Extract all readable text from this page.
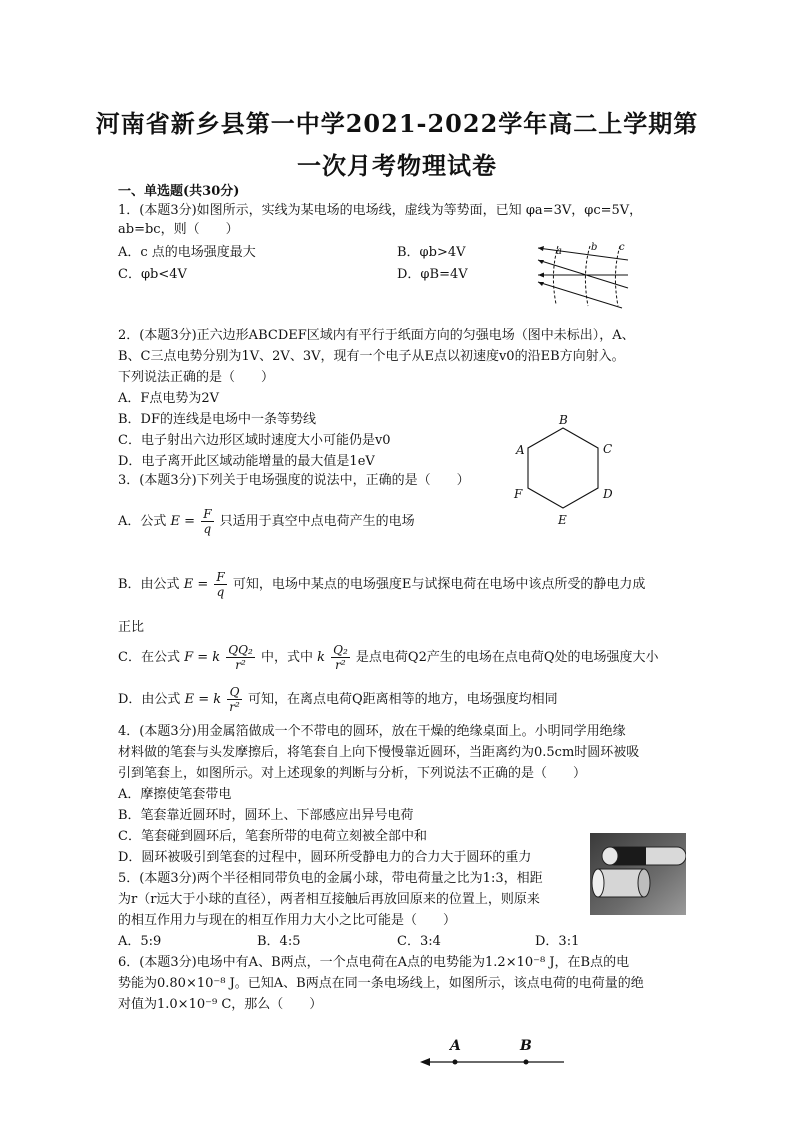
河南省新乡县第一中学2021-2022学年高二上学期第
一次月考物理试卷
一、单选题(共30分)
1．(本题3分)如图所示，实线为某电场的电场线，虚线为等势面，已知 φa=3V，φc=5V，
ab=bc，则（　　）
A．c 点的电场强度最大	B．φb>4V
C．φb<4V	D．φB=4V
a	b c
2．(本题3分)正六边形ABCDEF区域内有平行于纸面方向的匀强电场（图中未标出），A、
B、C三点电势分别为1V、2V、3V，现有一个电子从E点以初速度v0的沿EB方向射入。
下列说法正确的是（　　）
A．F点电势为2V
B．DF的连线是电场中一条等势线
C．电子射出六边形区域时速度大小可能仍是v0
D．电子离开此区域动能增量的最大值是1eV
A
B
C
D
E
F
3．(本题3分)下列关于电场强度的说法中，正确的是（　　）
A．公式 $E = \frac{F}{q}$ 只适用于真空中点电荷产生的电场
B．由公式 $E = \frac{F}{q}$ 可知，电场中某点的电场强度E与试探电荷在电场中该点所受的静电力成
正比
C．在公式 F = k $\frac{\text{QQ₂}}{\text{r²}}$ 中，式中 k $\frac{\text{Q₂}}{\text{r²}}$ 是点电荷Q2产生的电场在点电荷Q处的电场强度大小
D．由公式 E = k $\frac{Q}{\text{r²}}$ 可知，在离点电荷Q距离相等的地方，电场强度均相同
4．(本题3分)用金属箔做成一个不带电的圆环，放在干燥的绝缘桌面上。小明同学用绝缘
材料做的笔套与头发摩擦后，将笔套自上向下慢慢靠近圆环，当距离约为0.5cm时圆环被吸
引到笔套上，如图所示。对上述现象的判断与分析，下列说法不正确的是（　　）
A．摩擦使笔套带电
B．笔套靠近圆环时，圆环上、下部感应出异号电荷
C．笔套碰到圆环后，笔套所带的电荷立刻被全部中和
D．圆环被吸引到笔套的过程中，圆环所受静电力的合力大于圆环的重力
5．(本题3分)两个半径相同带负电的金属小球，带电荷量之比为1:3，相距
为r（r远大于小球的直径），两者相互接触后再放回原来的位置上，则原来
的相互作用力与现在的相互作用力大小之比可能是（　　）
A．5:9	B．4:5	C．3:4	D．3:1
6．(本题3分)电场中有A、B两点，一个点电荷在A点的电势能为1.2×10⁻⁸ J，在B点的电
势能为0.80×10⁻⁸ J。已知A、B两点在同一条电场线上，如图所示，该点电荷的电荷量的绝
对值为1.0×10⁻⁹ C，那么（　　）
A	B
